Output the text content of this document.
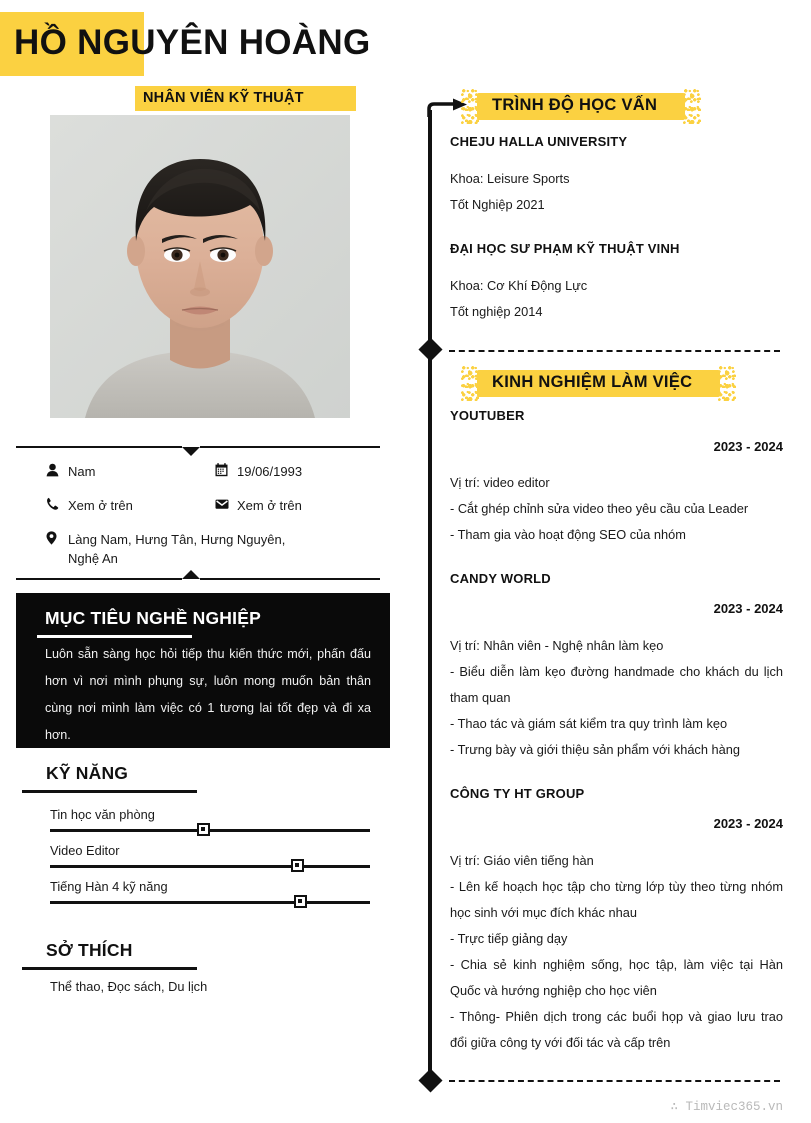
HỒ NGUYÊN HOÀNG
NHÂN VIÊN KỸ THUẬT
Nam	19/06/1993
Xem ở trên	Xem ở trên
Làng Nam, Hưng Tân, Hưng Nguyên,
Nghệ An
MỤC TIÊU NGHỀ NGHIỆP

Luôn sẵn sàng học hỏi tiếp thu kiến thức mới, phấn đấu hơn vì nơi mình phụng sự, luôn mong muốn bản thân cùng nơi mình làm việc có 1 tương lai tốt đẹp và đi xa hơn.

KỸ NĂNG
Tin học văn phòng
Video Editor
Tiếng Hàn 4 kỹ năng
SỞ THÍCH
Thể thao, Đọc sách, Du lịch
TRÌNH ĐỘ HỌC VẤN
CHEJU HALLA UNIVERSITY
Khoa: Leisure Sports
Tốt Nghiệp 2021
ĐẠI HỌC SƯ PHẠM KỸ THUẬT VINH
Khoa: Cơ Khí Động Lực
Tốt nghiệp 2014
KINH NGHIỆM LÀM VIỆC
YOUTUBER
2023 - 2024
Vị trí: video editor
- Cắt ghép chỉnh sửa video theo yêu cầu của Leader
- Tham gia vào hoạt động SEO của nhóm
CANDY WORLD
2023 - 2024
Vị trí: Nhân viên - Nghệ nhân làm kẹo
- Biểu diễn làm kẹo đường handmade cho khách du lịch tham quan
- Thao tác và giám sát kiểm tra quy trình làm kẹo
- Trưng bày và giới thiệu sản phẩm với khách hàng
CÔNG TY HT GROUP
2023 - 2024
Vị trí: Giáo viên tiếng hàn
- Lên kế hoạch học tập cho từng lớp tùy theo từng nhóm học sinh với mục đích khác nhau
- Trực tiếp giảng dạy
- Chia sẻ kinh nghiệm sống, học tập, làm việc tại Hàn Quốc và hướng nghiệp cho học viên
- Thông- Phiên dịch trong các buổi họp và giao lưu trao đổi giữa công ty với đối tác và cấp trên
∴ Timviec365.vn
